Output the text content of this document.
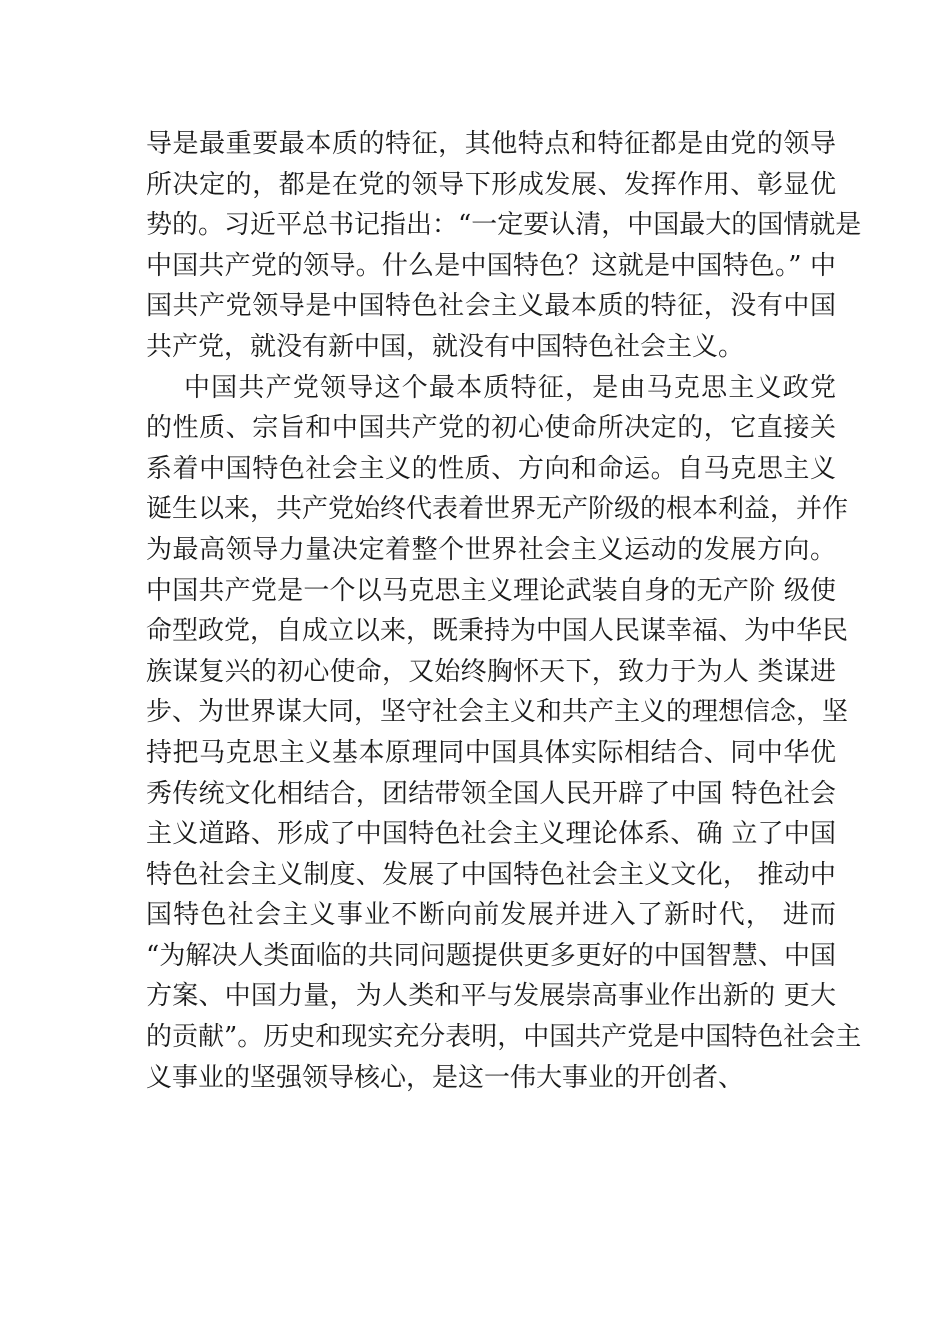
导是最重要最本质的特征，其他特点和特征都是由党的领导
所决定的，都是在党的领导下形成发展、发挥作用、彰显优
势的。习近平总书记指出：“一定要认清，中国最大的国情就是
中国共产党的领导。什么是中国特色？这就是中国特色。” 中
国共产党领导是中国特色社会主义最本质的特征，没有中国
共产党，就没有新中国，就没有中国特色社会主义。
中国共产党领导这个最本质特征，是由马克思主义政党
的性质、宗旨和中国共产党的初心使命所决定的，它直接关
系着中国特色社会主义的性质、方向和命运。自马克思主义
诞生以来，共产党始终代表着世界无产阶级的根本利益，并作
为最高领导力量决定着整个世界社会主义运动的发展方向。
中国共产党是一个以马克思主义理论武装自身的无产阶 级使
命型政党，自成立以来，既秉持为中国人民谋幸福、为中华民
族谋复兴的初心使命，又始终胸怀天下，致力于为人 类谋进
步、为世界谋大同，坚守社会主义和共产主义的理想信念，坚
持把马克思主义基本原理同中国具体实际相结合、同中华优
秀传统文化相结合，团结带领全国人民开辟了中国 特色社会
主义道路、形成了中国特色社会主义理论体系、确 立了中国
特色社会主义制度、发展了中国特色社会主义文化， 推动中
国特色社会主义事业不断向前发展并进入了新时代， 进而
“为解决人类面临的共同问题提供更多更好的中国智慧、中国
方案、中国力量，为人类和平与发展崇高事业作出新的 更大
的贡献”。历史和现实充分表明，中国共产党是中国特色社会主
义事业的坚强领导核心，是这一伟大事业的开创者、
